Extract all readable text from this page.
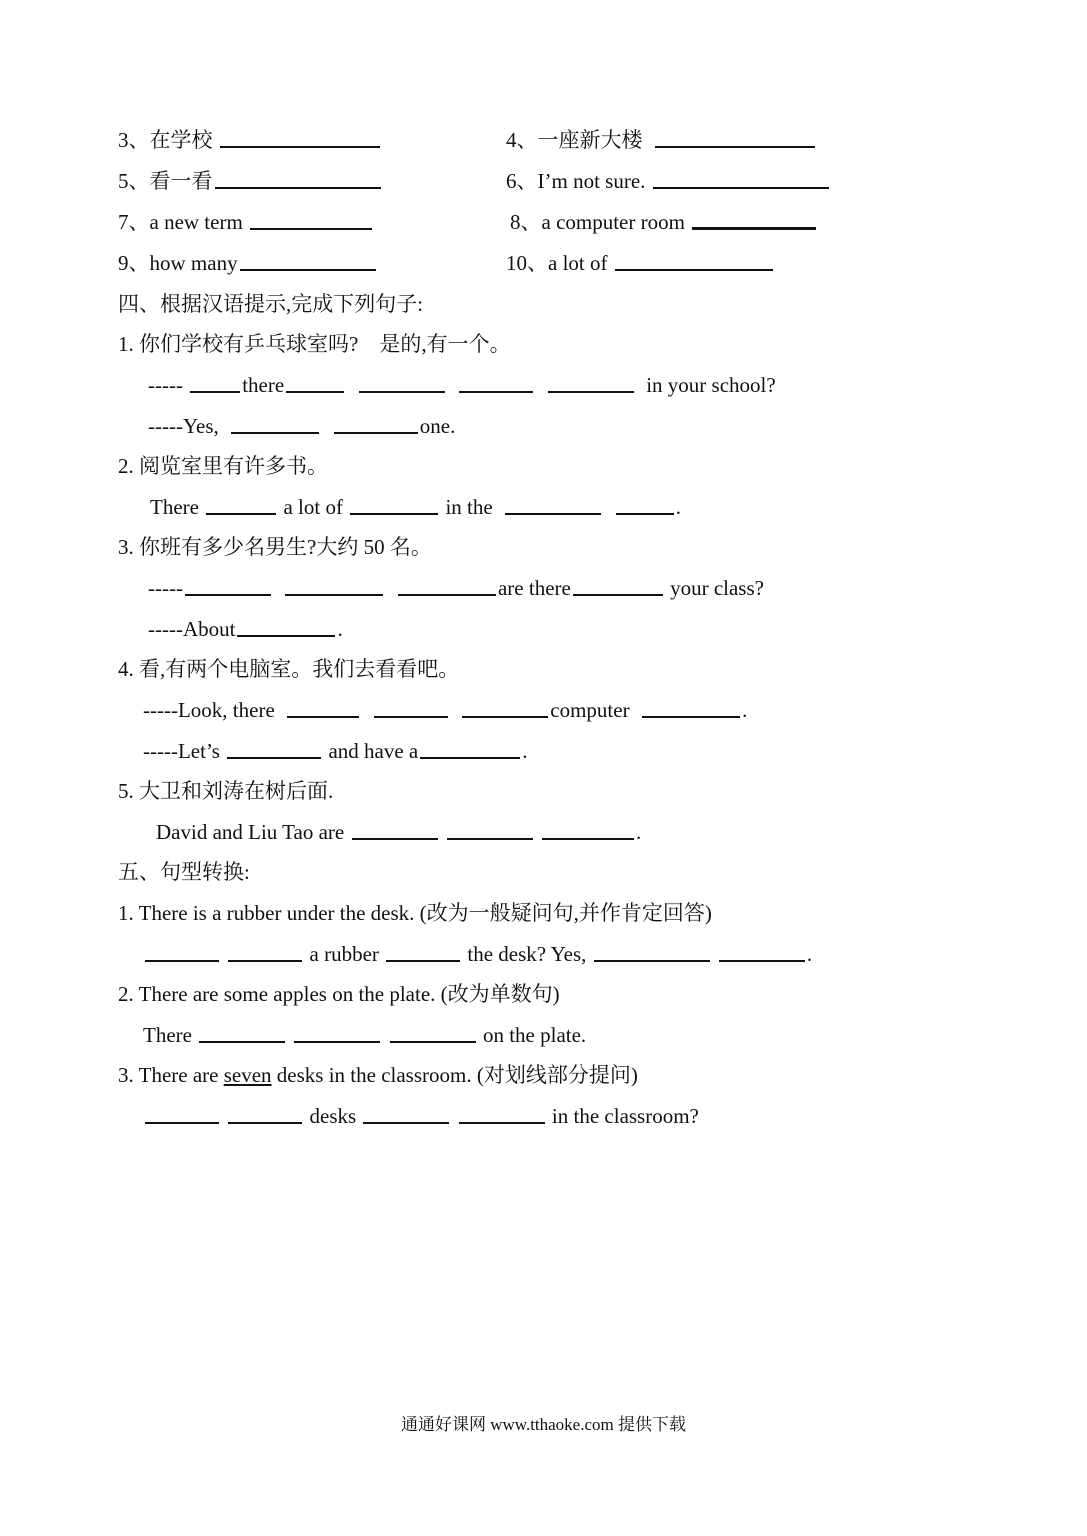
3、在学校	4、一座新大楼
5、看一看	6、I’m not sure.
7、a new term	8、a computer room
9、how many	10、a lot of
四、根据汉语提示,完成下列句子:
1. 你们学校有乒乓球室吗?    是的,有一个。
-----	there	in your school?
-----Yes,	one.
2. 阅览室里有许多书。
There	a lot of	in the	.
3. 你班有多少名男生?大约 50 名。
-----	are there	your class?
-----About	.
4. 看,有两个电脑室。我们去看看吧。
-----Look, there	computer	.
-----Let’s	and have a	.
5. 大卫和刘涛在树后面.
David and Liu Tao are	.
五、句型转换:
1. There is a rubber under the desk. (改为一般疑问句,并作肯定回答)
a rubber	the desk? Yes,	.
2. There are some apples on the plate. (改为单数句)
There	on the plate.
3. There are seven desks in the classroom. (对划线部分提问)
desks	in the classroom?
通通好课网 www.tthaoke.com 提供下载
